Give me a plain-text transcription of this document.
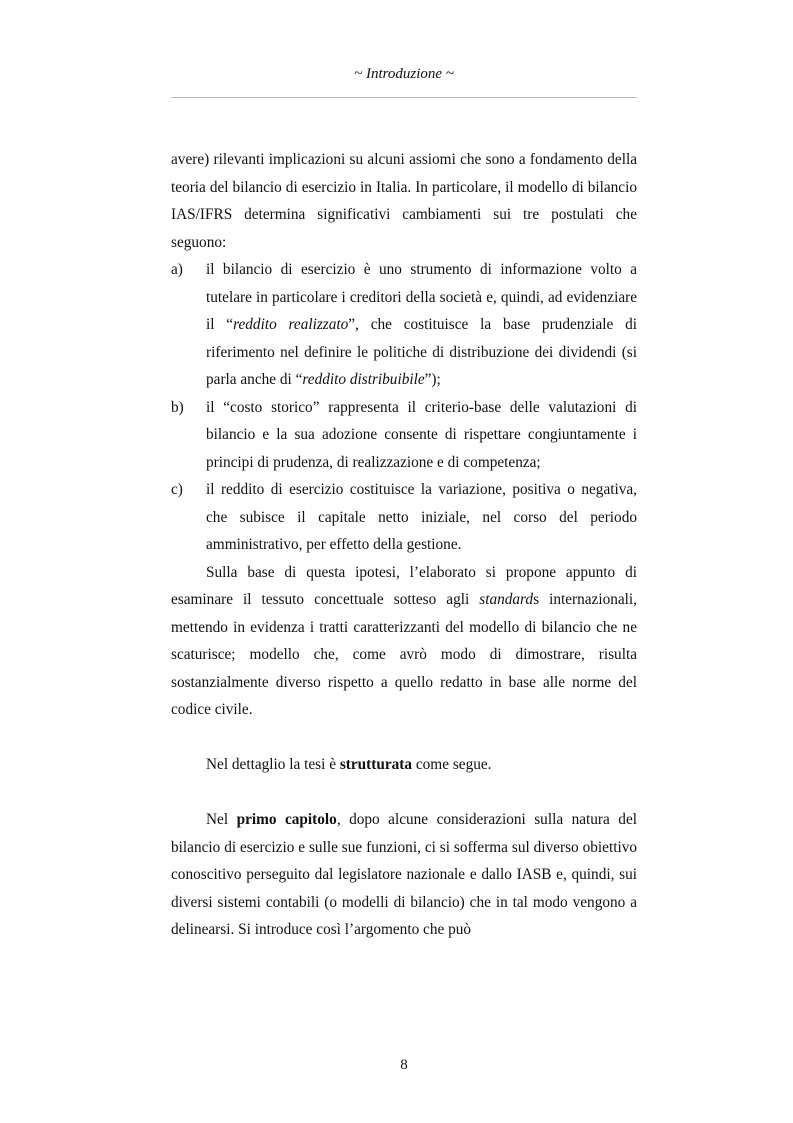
~ Introduzione ~

avere) rilevanti implicazioni su alcuni assiomi che sono a fondamento della teoria del bilancio di esercizio in Italia. In particolare, il modello di bilancio IAS/IFRS determina significativi cambiamenti sui tre postulati che seguono:

a)	il bilancio di esercizio è uno strumento di informazione volto a tutelare in particolare i creditori della società e, quindi, ad evidenziare il “reddito realizzato”, che costituisce la base prudenziale di riferimento nel definire le politiche di distribuzione dei dividendi (si parla anche di “reddito distribuibile”);
b)	il “costo storico” rappresenta il criterio-base delle valutazioni di bilancio e la sua adozione consente di rispettare congiuntamente i principi di prudenza, di realizzazione e di competenza;
c)	il reddito di esercizio costituisce la variazione, positiva o negativa, che subisce il capitale netto iniziale, nel corso del periodo amministrativo, per effetto della gestione.

Sulla base di questa ipotesi, l’elaborato si propone appunto di esaminare il tessuto concettuale sotteso agli standards internazionali, mettendo in evidenza i tratti caratterizzanti del modello di bilancio che ne scaturisce; modello che, come avrò modo di dimostrare, risulta sostanzialmente diverso rispetto a quello redatto in base alle norme del codice civile.

Nel dettaglio la tesi è strutturata come segue.

Nel primo capitolo, dopo alcune considerazioni sulla natura del bilancio di esercizio e sulle sue funzioni, ci si sofferma sul diverso obiettivo conoscitivo perseguito dal legislatore nazionale e dallo IASB e, quindi, sui diversi sistemi contabili (o modelli di bilancio) che in tal modo vengono a delinearsi. Si introduce così l’argomento che può

8
